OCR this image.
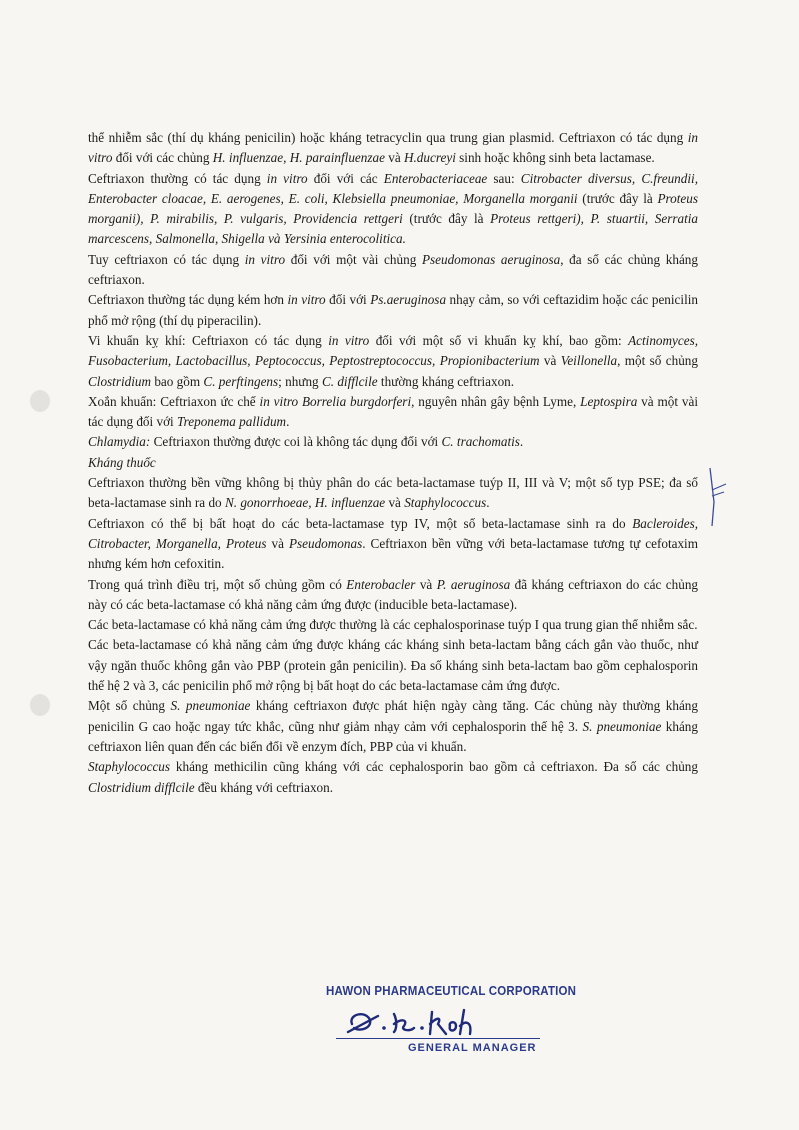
thể nhiễm sắc (thí dụ kháng penicilin) hoặc kháng tetracyclin qua trung gian plasmid. Ceftriaxon có tác dụng in vitro đối với các chủng H. influenzae, H. parainfluenzae và H.ducreyi sinh hoặc không sinh beta lactamase.

Ceftriaxon thường có tác dụng in vitro đối với các Enterobacteriaceae sau: Citrobacter diversus, C.freundii, Enterobacter cloacae, E. aerogenes, E. coli, Klebsiella pneumoniae, Morganella morganii (trước đây là Proteus morganii), P. mirabilis, P. vulgaris, Providencia rettgeri (trước đây là Proteus rettgeri), P. stuartii, Serratia marcescens, Salmonella, Shigella và Yersinia enterocolitica.

Tuy ceftriaxon có tác dụng in vitro đối với một vài chủng Pseudomonas aeruginosa, đa số các chủng kháng ceftriaxon.

Ceftriaxon thường tác dụng kém hơn in vitro đối với Ps.aeruginosa nhạy cảm, so với ceftazidim hoặc các penicilin phổ mở rộng (thí dụ piperacilin).

Vi khuẩn kỵ khí: Ceftriaxon có tác dụng in vitro đối với một số vi khuẩn kỵ khí, bao gồm: Actinomyces, Fusobacterium, Lactobacillus, Peptococcus, Peptostreptococcus, Propionibacterium và Veillonella, một số chủng Clostridium bao gồm C. perftingens; nhưng C. difflcile thường kháng ceftriaxon.

Xoắn khuẩn: Ceftriaxon ức chế in vitro Borrelia burgdorferi, nguyên nhân gây bệnh Lyme, Leptospira và một vài tác dụng đối với Treponema pallidum.

Chlamydia: Ceftriaxon thường được coi là không tác dụng đối với C. trachomatis.

Kháng thuốc

Ceftriaxon thường bền vững không bị thủy phân do các beta-lactamase tuýp II, III và V; một số typ PSE; đa số beta-lactamase sinh ra do N. gonorrhoeae, H. influenzae và Staphylococcus.

Ceftriaxon có thể bị bất hoạt do các beta-lactamase typ IV, một số beta-lactamase sinh ra do Bacleroides, Citrobacter, Morganella, Proteus và Pseudomonas. Ceftriaxon bền vững với beta-lactamase tương tự cefotaxim nhưng kém hơn cefoxitin.

Trong quá trình điều trị, một số chủng gồm có Enterobacler và P. aeruginosa đã kháng ceftriaxon do các chủng này có các beta-lactamase có khả năng cảm ứng được (inducible beta-lactamase).

Các beta-lactamase có khả năng cảm ứng được thường là các cephalosporinase tuýp I qua trung gian thể nhiễm sắc.

Các beta-lactamase có khả năng cảm ứng được kháng các kháng sinh beta-lactam bằng cách gắn vào thuốc, như vậy ngăn thuốc không gắn vào PBP (protein gắn penicilin). Đa số kháng sinh beta-lactam bao gồm cephalosporin thế hệ 2 và 3, các penicilin phổ mở rộng bị bất hoạt do các beta-lactamase cảm ứng được.

Một số chủng S. pneumoniae kháng ceftriaxon được phát hiện ngày càng tăng. Các chủng này thường kháng penicilin G cao hoặc ngay tức khắc, cũng như giảm nhạy cảm với cephalosporin thế hệ 3. S. pneumoniae kháng ceftriaxon liên quan đến các biến đổi về enzym đích, PBP của vi khuẩn.

Staphylococcus kháng methicilin cũng kháng với các cephalosporin bao gồm cả ceftriaxon. Đa số các chủng Clostridium difflcile đều kháng với ceftriaxon.

HAWON PHARMACEUTICAL CORPORATION
GENERAL MANAGER
